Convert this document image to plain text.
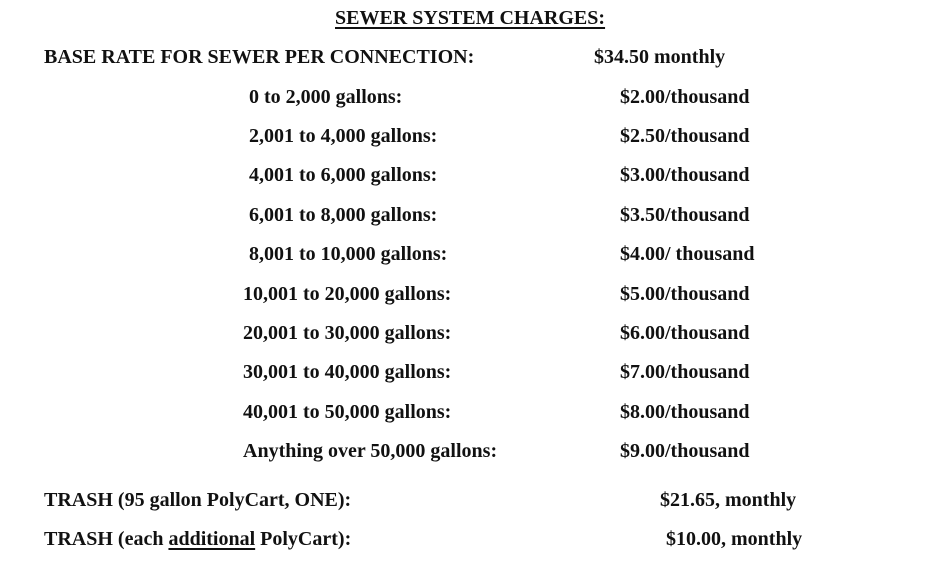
SEWER SYSTEM CHARGES:
BASE RATE FOR SEWER PER CONNECTION:	$34.50 monthly
0 to 2,000 gallons:	$2.00/thousand
2,001 to 4,000 gallons:	$2.50/thousand
4,001 to 6,000 gallons:	$3.00/thousand
6,001 to 8,000 gallons:	$3.50/thousand
8,001 to 10,000 gallons:	$4.00/ thousand
10,001 to 20,000 gallons:	$5.00/thousand
20,001 to 30,000 gallons:	$6.00/thousand
30,001 to 40,000 gallons:	$7.00/thousand
40,001 to 50,000 gallons:	$8.00/thousand
Anything over 50,000 gallons:	$9.00/thousand
TRASH (95 gallon PolyCart, ONE):	$21.65, monthly
TRASH (each additional PolyCart):	$10.00, monthly
